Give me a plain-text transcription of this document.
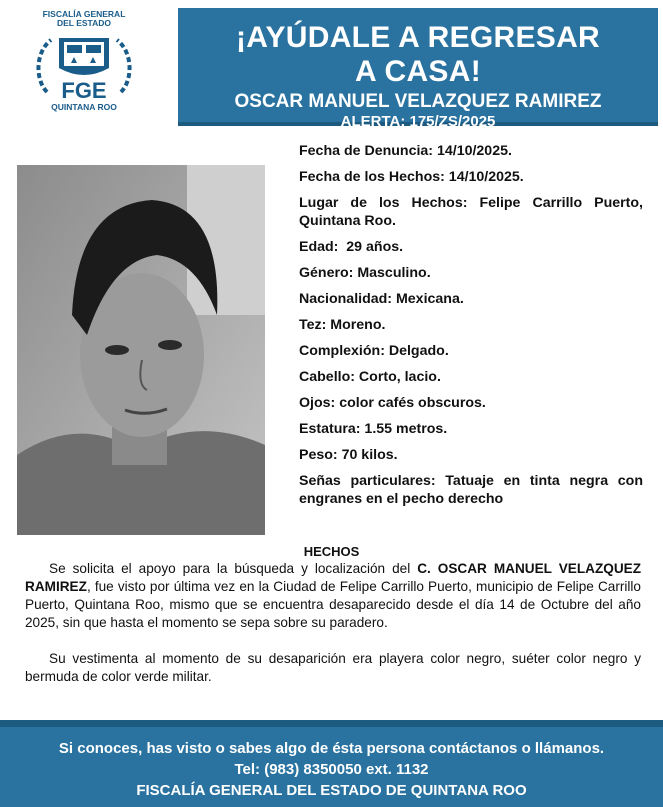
FISCALÍA GENERAL
DEL ESTADO
FGE
QUINTANA ROO
¡AYÚDALE A REGRESAR
A CASA!
OSCAR MANUEL VELAZQUEZ RAMIREZ
ALERTA: 175/ZS/2025
Fecha de Denuncia: 14/10/2025.
Fecha de los Hechos: 14/10/2025.
Lugar de los Hechos: Felipe Carrillo Puerto, Quintana Roo.
Edad:  29 años.
Género: Masculino.
Nacionalidad: Mexicana.
Tez: Moreno.
Complexión: Delgado.
Cabello: Corto, lacio.
Ojos: color cafés obscuros.
Estatura: 1.55 metros.
Peso: 70 kilos.
Señas particulares: Tatuaje en tinta negra con engranes en el pecho derecho
HECHOS

Se solicita el apoyo para la búsqueda y localización del C. OSCAR MANUEL VELAZQUEZ RAMIREZ, fue visto por última vez en la Ciudad de Felipe Carrillo Puerto, municipio de Felipe Carrillo Puerto, Quintana Roo, mismo que se encuentra desaparecido desde el día 14 de Octubre del año 2025, sin que hasta el momento se sepa sobre su paradero.

Su vestimenta al momento de su desaparición era playera color negro, suéter color negro y bermuda de color verde militar.

Si conoces, has visto o sabes algo de ésta persona contáctanos o llámanos.
Tel: (983) 8350050 ext. 1132
FISCALÍA GENERAL DEL ESTADO DE QUINTANA ROO
